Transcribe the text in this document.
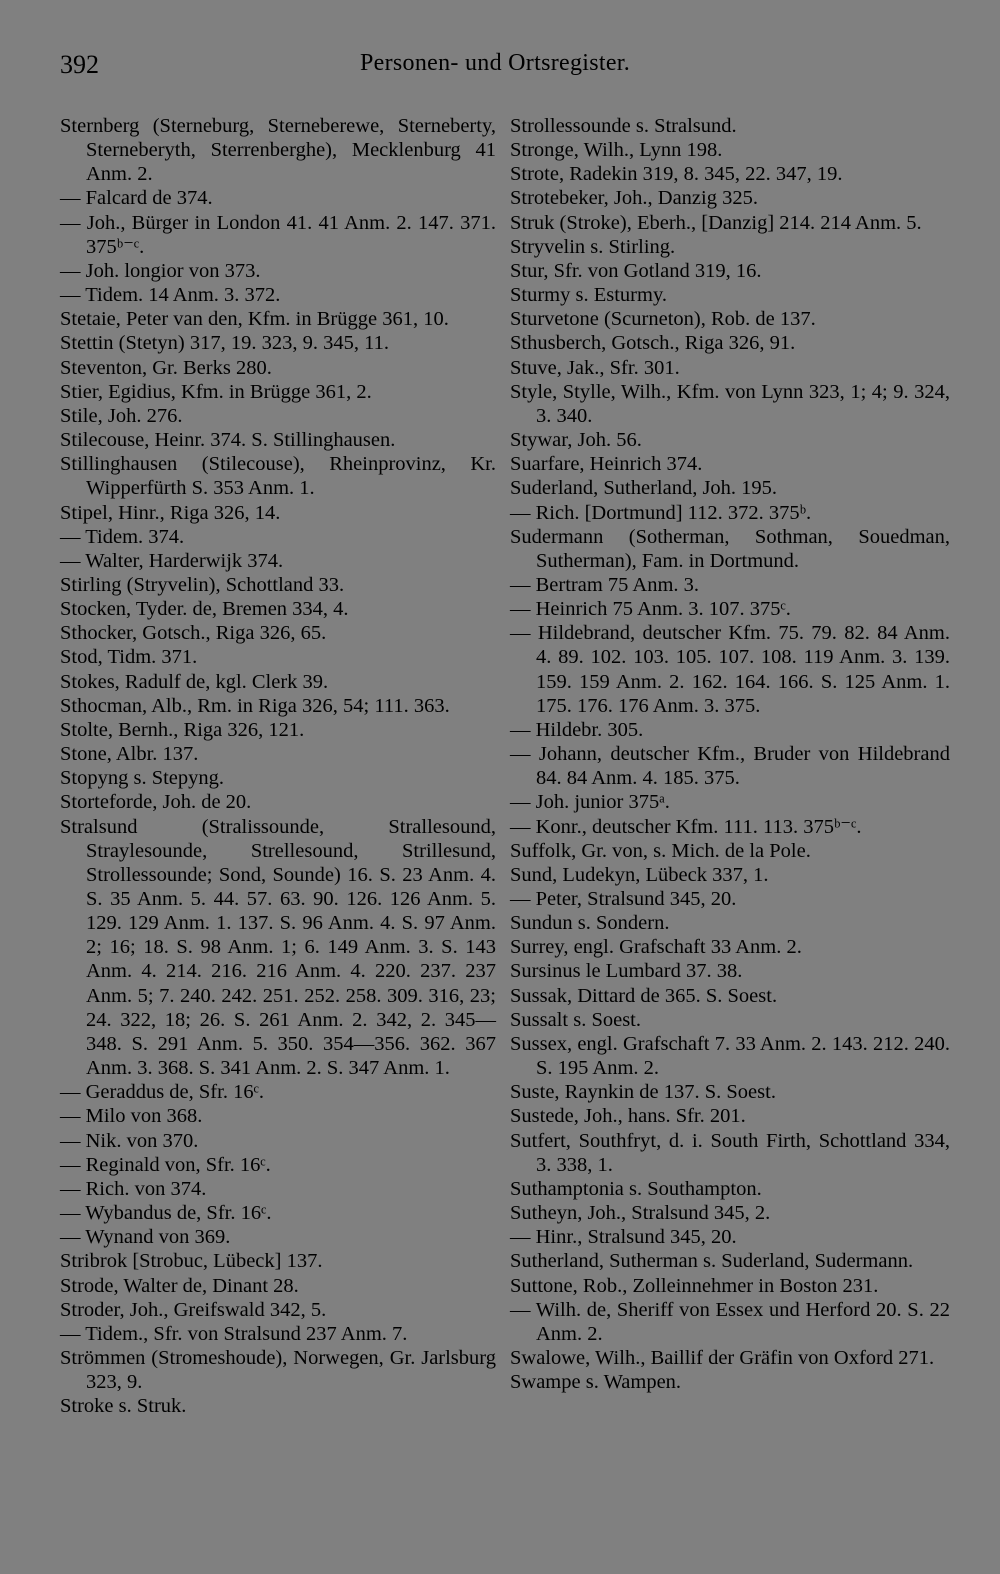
392	Personen- und Ortsregister.
Sternberg (Sterneburg, Sterneberewe, Sterneberty, Sterneberyth, Sterrenberghe), Mecklenburg 41 Anm. 2.
— Falcard de 374.
— Joh., Bürger in London 41. 41 Anm. 2. 147. 371. 375ᵇ⁻ᶜ.
— Joh. longior von 373.
— Tidem. 14 Anm. 3. 372.
Stetaie, Peter van den, Kfm. in Brügge 361, 10.
Stettin (Stetyn) 317, 19. 323, 9. 345, 11.
Steventon, Gr. Berks 280.
Stier, Egidius, Kfm. in Brügge 361, 2.
Stile, Joh. 276.
Stilecouse, Heinr. 374. S. Stillinghausen.
Stillinghausen (Stilecouse), Rheinprovinz, Kr. Wipperfürth S. 353 Anm. 1.
Stipel, Hinr., Riga 326, 14.
— Tidem. 374.
— Walter, Harderwijk 374.
Stirling (Stryvelin), Schottland 33.
Stocken, Tyder. de, Bremen 334, 4.
Sthocker, Gotsch., Riga 326, 65.
Stod, Tidm. 371.
Stokes, Radulf de, kgl. Clerk 39.
Sthocman, Alb., Rm. in Riga 326, 54; 111. 363.
Stolte, Bernh., Riga 326, 121.
Stone, Albr. 137.
Stopyng s. Stepyng.
Storteforde, Joh. de 20.
Stralsund (Stralissounde, Strallesound, Straylesounde, Strellesound, Strillesund, Strollessounde; Sond, Sounde) 16. S. 23 Anm. 4. S. 35 Anm. 5. 44. 57. 63. 90. 126. 126 Anm. 5. 129. 129 Anm. 1. 137. S. 96 Anm. 4. S. 97 Anm. 2; 16; 18. S. 98 Anm. 1; 6. 149 Anm. 3. S. 143 Anm. 4. 214. 216. 216 Anm. 4. 220. 237. 237 Anm. 5; 7. 240. 242. 251. 252. 258. 309. 316, 23; 24. 322, 18; 26. S. 261 Anm. 2. 342, 2. 345—348. S. 291 Anm. 5. 350. 354—356. 362. 367 Anm. 3. 368. S. 341 Anm. 2. S. 347 Anm. 1.
— Geraddus de, Sfr. 16ᶜ.
— Milo von 368.
— Nik. von 370.
— Reginald von, Sfr. 16ᶜ.
— Rich. von 374.
— Wybandus de, Sfr. 16ᶜ.
— Wynand von 369.
Stribrok [Strobuc, Lübeck] 137.
Strode, Walter de, Dinant 28.
Stroder, Joh., Greifswald 342, 5.
— Tidem., Sfr. von Stralsund 237 Anm. 7.
Strömmen (Stromeshoude), Norwegen, Gr. Jarlsburg 323, 9.
Stroke s. Struk.
Strollessounde s. Stralsund.
Stronge, Wilh., Lynn 198.
Strote, Radekin 319, 8. 345, 22. 347, 19.
Strotebeker, Joh., Danzig 325.
Struk (Stroke), Eberh., [Danzig] 214. 214 Anm. 5.
Stryvelin s. Stirling.
Stur, Sfr. von Gotland 319, 16.
Sturmy s. Esturmy.
Sturvetone (Scurneton), Rob. de 137.
Sthusberch, Gotsch., Riga 326, 91.
Stuve, Jak., Sfr. 301.
Style, Stylle, Wilh., Kfm. von Lynn 323, 1; 4; 9. 324, 3. 340.
Stywar, Joh. 56.
Suarfare, Heinrich 374.
Suderland, Sutherland, Joh. 195.
— Rich. [Dortmund] 112. 372. 375ᵇ.
Sudermann (Sotherman, Sothman, Souedman, Sutherman), Fam. in Dortmund.
— Bertram 75 Anm. 3.
— Heinrich 75 Anm. 3. 107. 375ᶜ.
— Hildebrand, deutscher Kfm. 75. 79. 82. 84 Anm. 4. 89. 102. 103. 105. 107. 108. 119 Anm. 3. 139. 159. 159 Anm. 2. 162. 164. 166. S. 125 Anm. 1. 175. 176. 176 Anm. 3. 375.
— Hildebr. 305.
— Johann, deutscher Kfm., Bruder von Hildebrand 84. 84 Anm. 4. 185. 375.
— Joh. junior 375ᵃ.
— Konr., deutscher Kfm. 111. 113. 375ᵇ⁻ᶜ.
Suffolk, Gr. von, s. Mich. de la Pole.
Sund, Ludekyn, Lübeck 337, 1.
— Peter, Stralsund 345, 20.
Sundun s. Sondern.
Surrey, engl. Grafschaft 33 Anm. 2.
Sursinus le Lumbard 37. 38.
Sussak, Dittard de 365. S. Soest.
Sussalt s. Soest.
Sussex, engl. Grafschaft 7. 33 Anm. 2. 143. 212. 240. S. 195 Anm. 2.
Suste, Raynkin de 137. S. Soest.
Sustede, Joh., hans. Sfr. 201.
Sutfert, Southfryt, d. i. South Firth, Schottland 334, 3. 338, 1.
Suthamptonia s. Southampton.
Sutheyn, Joh., Stralsund 345, 2.
— Hinr., Stralsund 345, 20.
Sutherland, Sutherman s. Suderland, Sudermann.
Suttone, Rob., Zolleinnehmer in Boston 231.
— Wilh. de, Sheriff von Essex und Herford 20. S. 22 Anm. 2.
Swalowe, Wilh., Baillif der Gräfin von Oxford 271.
Swampe s. Wampen.
